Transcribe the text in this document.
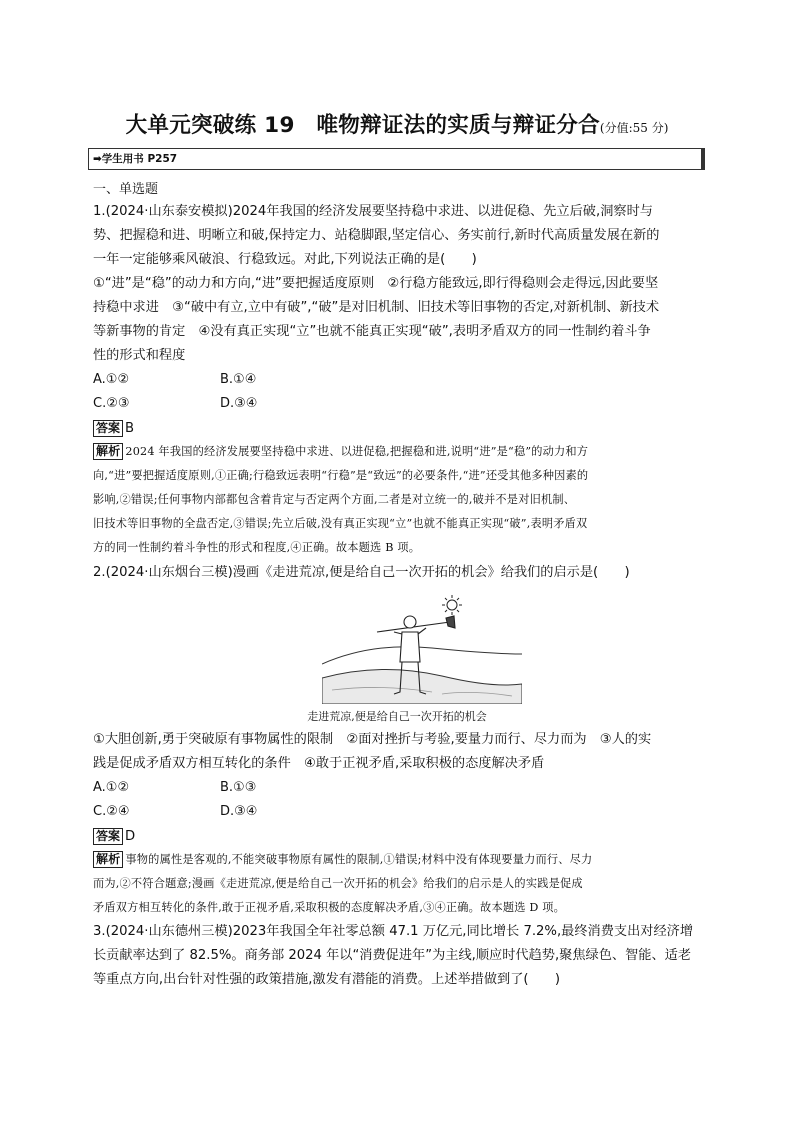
大单元突破练 19　唯物辩证法的实质与辩证分合(分值:55 分)
➡学生用书 P257
一、单选题
1.(2024·山东泰安模拟)2024年我国的经济发展要坚持稳中求进、以进促稳、先立后破,洞察时与
势、把握稳和进、明晰立和破,保持定力、站稳脚跟,坚定信心、务实前行,新时代高质量发展在新的
一年一定能够乘风破浪、行稳致远。对此,下列说法正确的是(　　)
①“进”是“稳”的动力和方向,“进”要把握适度原则　②行稳方能致远,即行得稳则会走得远,因此要坚
持稳中求进　③“破中有立,立中有破”,“破”是对旧机制、旧技术等旧事物的否定,对新机制、新技术
等新事物的肯定　④没有真正实现“立”也就不能真正实现“破”,表明矛盾双方的同一性制约着斗争
性的形式和程度
A.①②	B.①④
C.②③	D.③④
答案 B
解析 2024 年我国的经济发展要坚持稳中求进、以进促稳,把握稳和进,说明“进”是“稳”的动力和方
向,“进”要把握适度原则,①正确;行稳致远表明“行稳”是“致远”的必要条件,“进”还受其他多种因素的
影响,②错误;任何事物内部都包含着肯定与否定两个方面,二者是对立统一的,破并不是对旧机制、
旧技术等旧事物的全盘否定,③错误;先立后破,没有真正实现“立”也就不能真正实现“破”,表明矛盾双
方的同一性制约着斗争性的形式和程度,④正确。故本题选 B 项。
2.(2024·山东烟台三模)漫画《走进荒凉,便是给自己一次开拓的机会》给我们的启示是(　　)
走进荒凉,便是给自己一次开拓的机会
①大胆创新,勇于突破原有事物属性的限制　②面对挫折与考验,要量力而行、尽力而为　③人的实
践是促成矛盾双方相互转化的条件　④敢于正视矛盾,采取积极的态度解决矛盾
A.①②	B.①③
C.②④	D.③④
答案 D
解析 事物的属性是客观的,不能突破事物原有属性的限制,①错误;材料中没有体现要量力而行、尽力
而为,②不符合题意;漫画《走进荒凉,便是给自己一次开拓的机会》给我们的启示是人的实践是促成
矛盾双方相互转化的条件,敢于正视矛盾,采取积极的态度解决矛盾,③④正确。故本题选 D 项。
3.(2024·山东德州三模)2023年我国全年社零总额 47.1 万亿元,同比增长 7.2%,最终消费支出对经济增
长贡献率达到了 82.5%。商务部 2024 年以“消费促进年”为主线,顺应时代趋势,聚焦绿色、智能、适老
等重点方向,出台针对性强的政策措施,激发有潜能的消费。上述举措做到了(　　)
